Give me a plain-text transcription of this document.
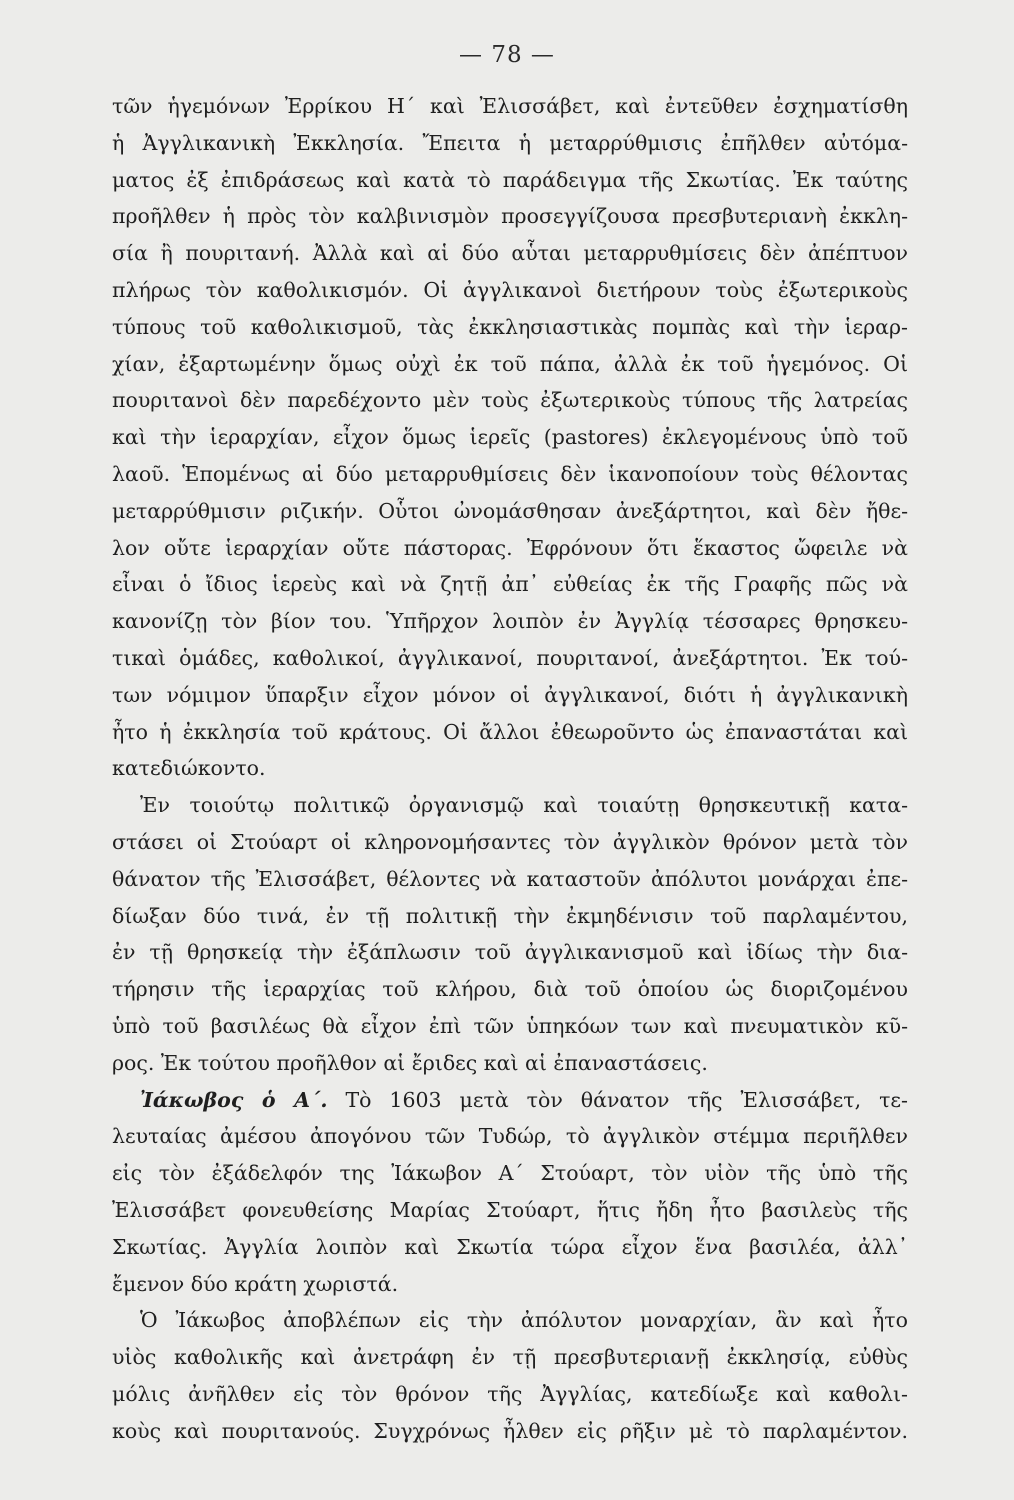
— 78 —
τῶν ἡγεμόνων Ἐρρίκου Η´ καὶ Ἐλισσάβετ, καὶ ἐντεῦθεν ἐσχηματίσθη
ἡ Ἀγγλικανικὴ Ἐκκλησία. Ἔπειτα ἡ μεταρρύθμισις ἐπῆλθεν αὐτόμα-
ματος ἐξ ἐπιδράσεως καὶ κατὰ τὸ παράδειγμα τῆς Σκωτίας. Ἐκ ταύτης
προῆλθεν ἡ πρὸς τὸν καλβινισμὸν προσεγγίζουσα πρεσβυτεριανὴ ἐκκλη-
σία ἢ πουριτανή. Ἀλλὰ καὶ αἱ δύο αὗται μεταρρυθμίσεις δὲν ἀπέπτυον
πλήρως τὸν καθολικισμόν. Οἱ ἀγγλικανοὶ διετήρουν τοὺς ἐξωτερικοὺς
τύπους τοῦ καθολικισμοῦ, τὰς ἐκκλησιαστικὰς πομπὰς καὶ τὴν ἱεραρ-
χίαν, ἐξαρτωμένην ὅμως οὐχὶ ἐκ τοῦ πάπα, ἀλλὰ ἐκ τοῦ ἡγεμόνος. Οἱ
πουριτανοὶ δὲν παρεδέχοντο μὲν τοὺς ἐξωτερικοὺς τύπους τῆς λατρείας
καὶ τὴν ἱεραρχίαν, εἶχον ὅμως ἱερεῖς (pastores) ἐκλεγομένους ὑπὸ τοῦ
λαοῦ. Ἑπομένως αἱ δύο μεταρρυθμίσεις δὲν ἱκανοποίουν τοὺς θέλοντας
μεταρρύθμισιν ριζικήν. Οὗτοι ὠνομάσθησαν ἀνεξάρτητοι, καὶ δὲν ἤθε-
λον οὔτε ἱεραρχίαν οὔτε πάστορας. Ἐφρόνουν ὅτι ἕκαστος ὤφειλε νὰ
εἶναι ὁ ἴδιος ἱερεὺς καὶ νὰ ζητῇ ἀπ᾽ εὐθείας ἐκ τῆς Γραφῆς πῶς νὰ
κανονίζῃ τὸν βίον του. Ὑπῆρχον λοιπὸν ἐν Ἀγγλίᾳ τέσσαρες θρησκευ-
τικαὶ ὁμάδες, καθολικοί, ἀγγλικανοί, πουριτανοί, ἀνεξάρτητοι. Ἐκ τού-
των νόμιμον ὕπαρξιν εἶχον μόνον οἱ ἀγγλικανοί, διότι ἡ ἀγγλικανικὴ
ἦτο ἡ ἐκκλησία τοῦ κράτους. Οἱ ἄλλοι ἐθεωροῦντο ὡς ἐπαναστάται καὶ
κατεδιώκοντο.
Ἐν τοιούτῳ πολιτικῷ ὀργανισμῷ καὶ τοιαύτῃ θρησκευτικῇ κατα-
στάσει οἱ Στούαρτ οἱ κληρονομήσαντες τὸν ἀγγλικὸν θρόνον μετὰ τὸν
θάνατον τῆς Ἐλισσάβετ, θέλοντες νὰ καταστοῦν ἀπόλυτοι μονάρχαι ἐπε-
δίωξαν δύο τινά, ἐν τῇ πολιτικῇ τὴν ἐκμηδένισιν τοῦ παρλαμέντου,
ἐν τῇ θρησκείᾳ τὴν ἐξάπλωσιν τοῦ ἀγγλικανισμοῦ καὶ ἰδίως τὴν δια-
τήρησιν τῆς ἱεραρχίας τοῦ κλήρου, διὰ τοῦ ὁποίου ὡς διοριζομένου
ὑπὸ τοῦ βασιλέως θὰ εἶχον ἐπὶ τῶν ὑπηκόων των καὶ πνευματικὸν κῦ-
ρος. Ἐκ τούτου προῆλθον αἱ ἔριδες καὶ αἱ ἐπαναστάσεις.
Ἰάκωβος ὁ Α´. Τὸ 1603 μετὰ τὸν θάνατον τῆς Ἐλισσάβετ, τε-
λευταίας ἀμέσου ἀπογόνου τῶν Τυδώρ, τὸ ἀγγλικὸν στέμμα περιῆλθεν
εἰς τὸν ἐξάδελφόν της Ἰάκωβον Α´ Στούαρτ, τὸν υἱὸν τῆς ὑπὸ τῆς
Ἐλισσάβετ φονευθείσης Μαρίας Στούαρτ, ἥτις ἤδη ἦτο βασιλεὺς τῆς
Σκωτίας. Ἀγγλία λοιπὸν καὶ Σκωτία τώρα εἶχον ἕνα βασιλέα, ἀλλ᾽
ἔμενον δύο κράτη χωριστά.
Ὁ Ἰάκωβος ἀποβλέπων εἰς τὴν ἀπόλυτον μοναρχίαν, ἂν καὶ ἦτο
υἱὸς καθολικῆς καὶ ἀνετράφη ἐν τῇ πρεσβυτεριανῇ ἐκκλησίᾳ, εὐθὺς
μόλις ἀνῆλθεν εἰς τὸν θρόνον τῆς Ἀγγλίας, κατεδίωξε καὶ καθολι-
κοὺς καὶ πουριτανούς. Συγχρόνως ἦλθεν εἰς ρῆξιν μὲ τὸ παρλαμέντον.
